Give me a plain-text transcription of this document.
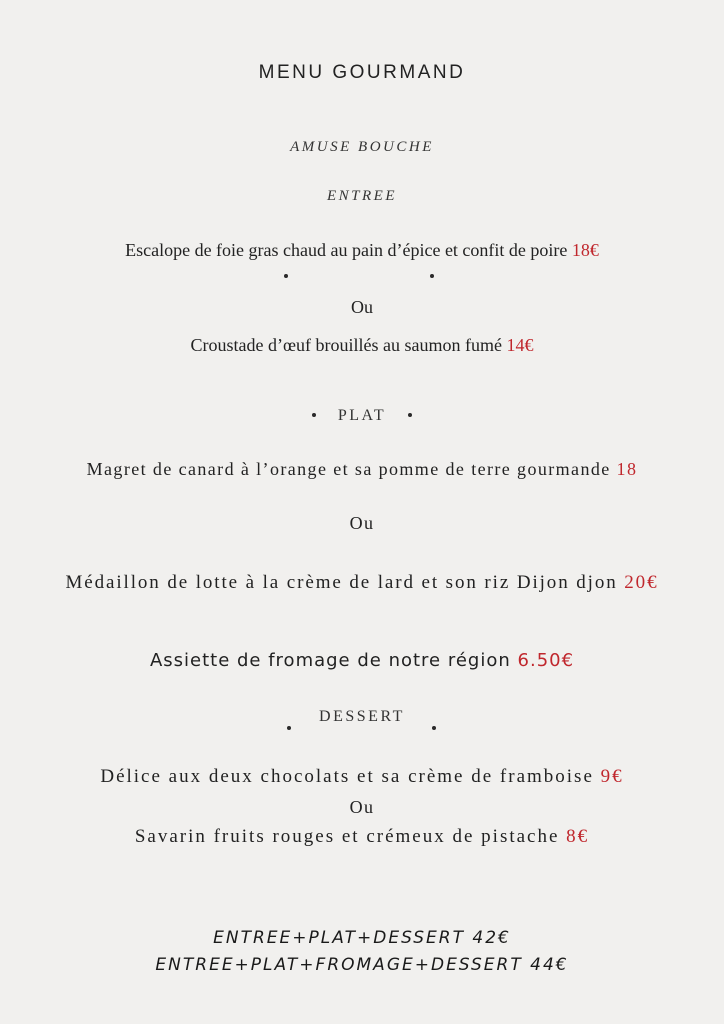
MENU GOURMAND
AMUSE BOUCHE
ENTREE
Escalope de foie gras chaud au pain d’épice et confit de poire 18€
Ou
Croustade d’œuf brouillés au saumon fumé 14€
PLAT
Magret de canard à l’orange et sa pomme de terre gourmande 18
Ou
Médaillon de lotte à la crème de lard et son riz Dijon djon 20€
Assiette de fromage de notre région 6.50€
DESSERT
Délice aux deux chocolats et sa crème de framboise 9€
Ou
Savarin fruits rouges et crémeux de pistache 8€
ENTREE+PLAT+DESSERT 42€
ENTREE+PLAT+FROMAGE+DESSERT 44€
